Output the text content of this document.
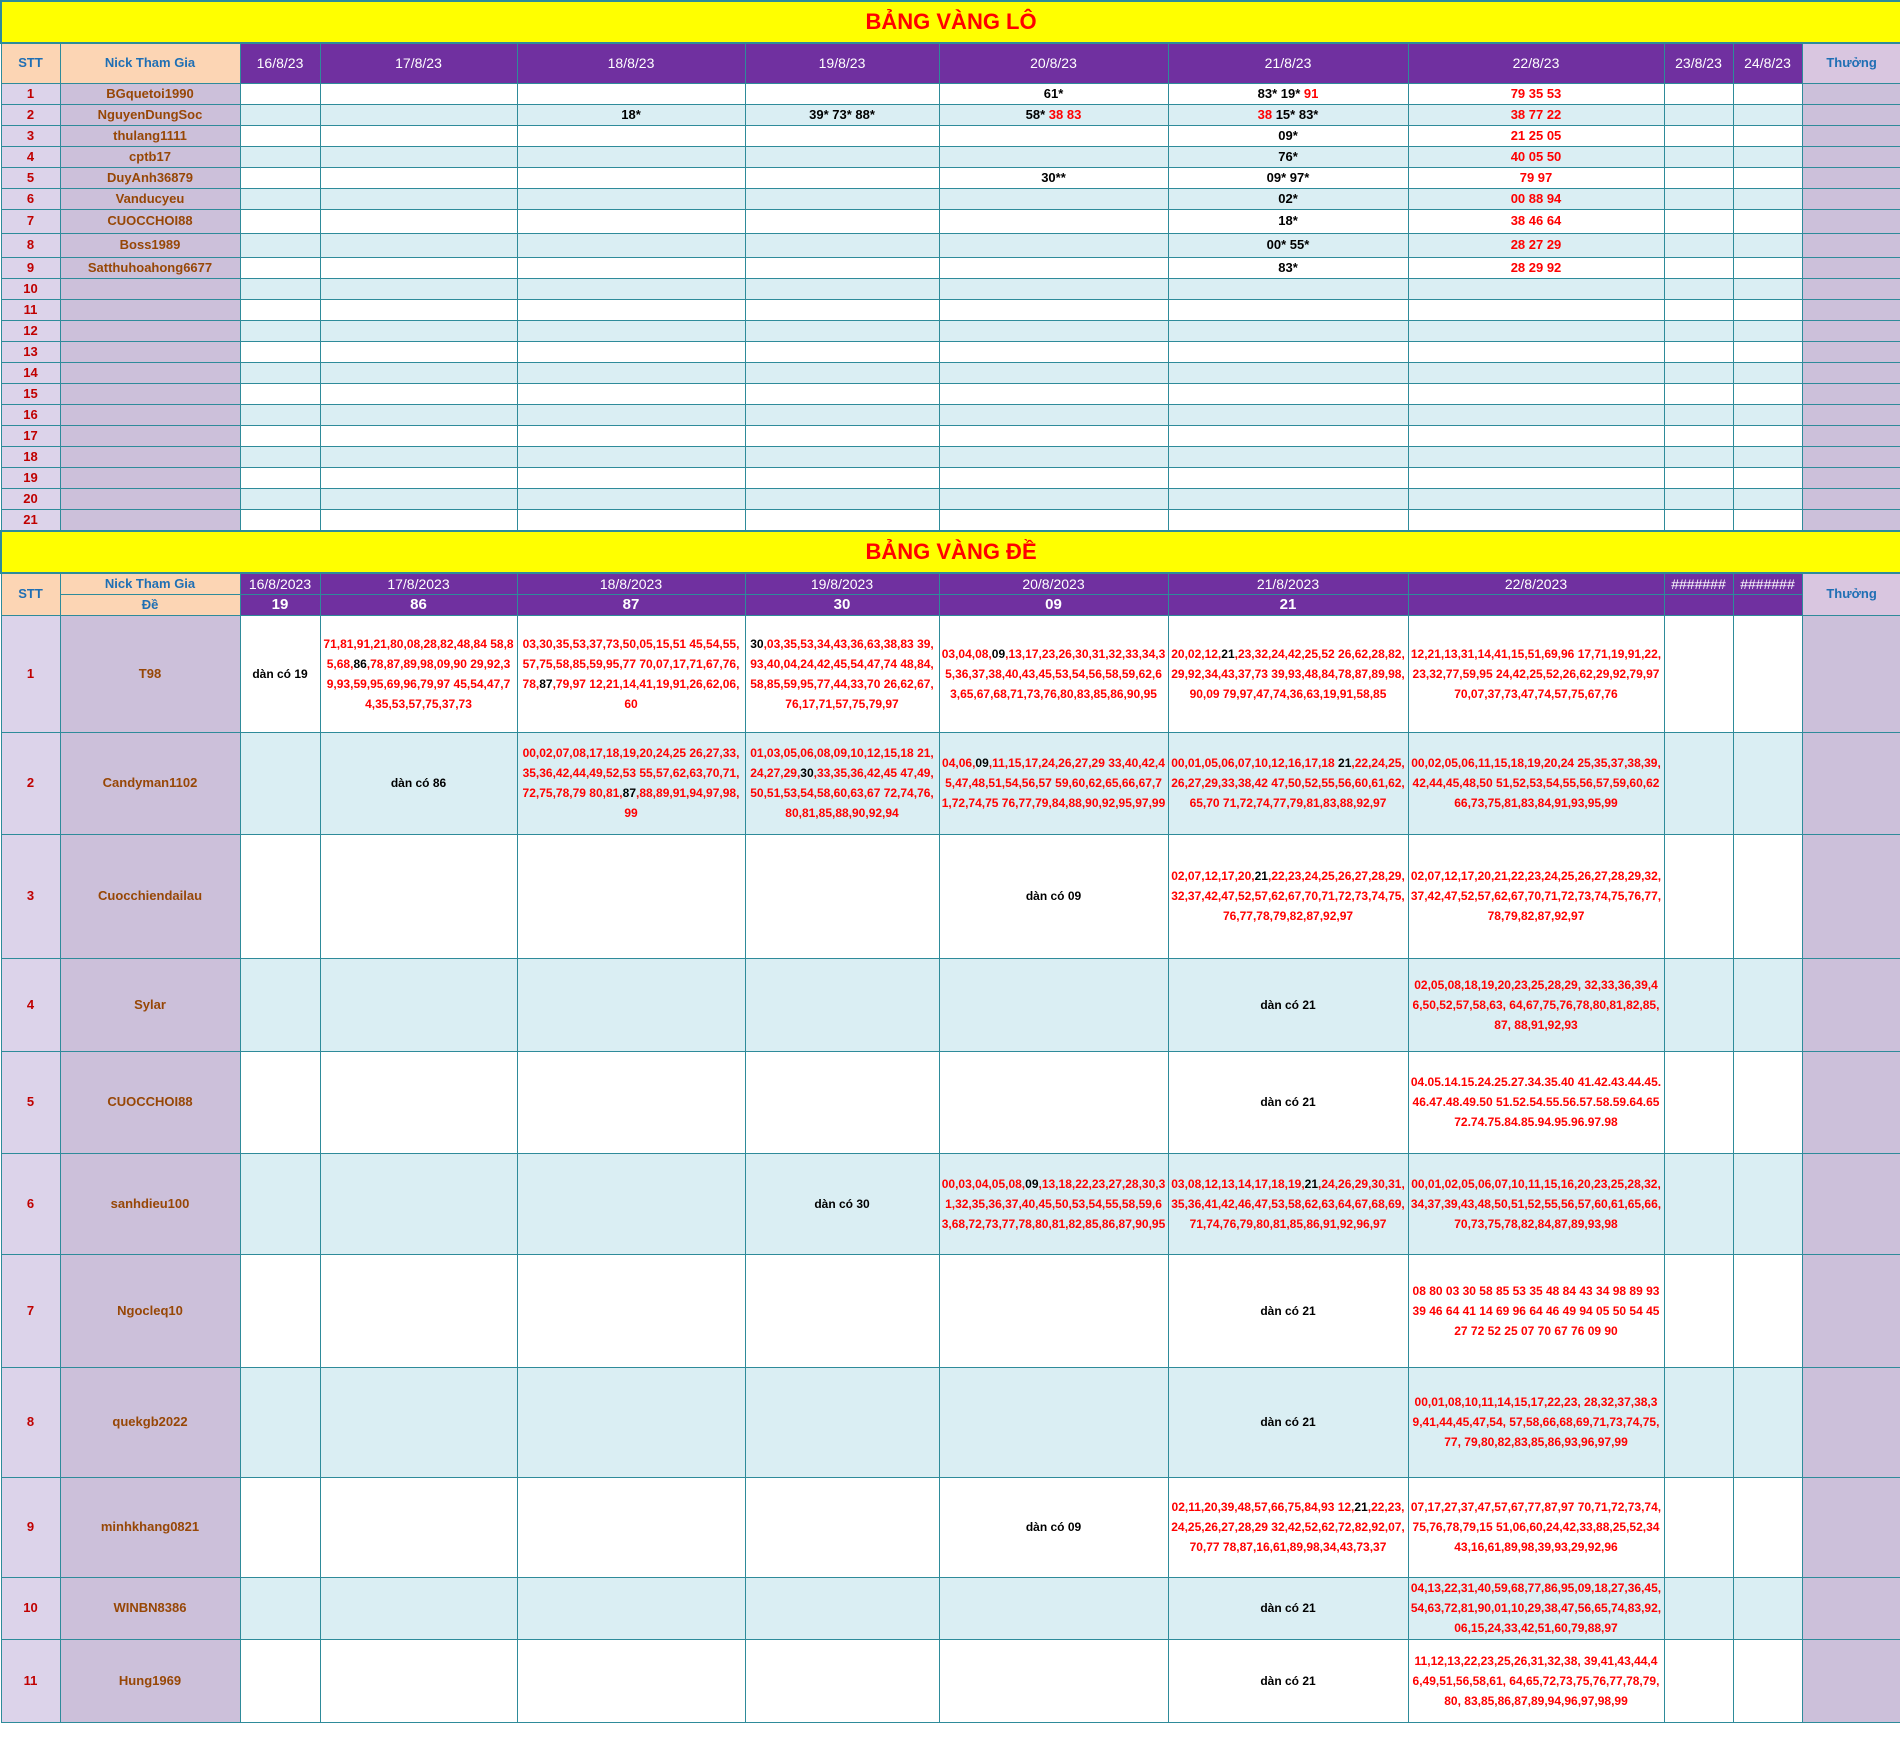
BẢNG VÀNG LÔ											
STT	Nick Tham Gia	16/8/23	17/8/23	18/8/23	19/8/23	20/8/23	21/8/23	22/8/23	23/8/23	24/8/23	Thưởng
1	BGquetoi1990					61*	83* 19* 91	79 35 53			
2	NguyenDungSoc			18*	39* 73* 88*	58* 38 83	38 15* 83*	38 77 22			
3	thulang1111						09*	21 25 05			
4	cptb17						76*	40 05 50			
5	DuyAnh36879					30**	09* 97*	79 97			
6	Vanducyeu						02*	00 88 94			
7	CUOCCHOI88						18*	38 46 64			
8	Boss1989						00* 55*	28 27 29			
9	Satthuhoahong6677						83*	28 29 92			
10											
11											
12											
13											
14											
15											
16											
17											
18											
19											
20											
21											
BẢNG VÀNG ĐỀ											
STT	Nick Tham Gia	16/8/2023	17/8/2023	18/8/2023	19/8/2023	20/8/2023	21/8/2023	22/8/2023	#######	#######	Thưởng
	Đề	19	86	87	30	09	21				
1	T98	dàn có 19	71,81,91,21,80,08,28,82,48,84 58,85,68,86,78,87,89,98,09,90 29,92,39,93,59,95,69,96,79,97 45,54,47,74,35,53,57,75,37,73	03,30,35,53,37,73,50,05,15,51 45,54,55,57,75,58,85,59,95,77 70,07,17,71,67,76,78,87,79,97 12,21,14,41,19,91,26,62,06,60	30,03,35,53,34,43,36,63,38,83 39,93,40,04,24,42,45,54,47,74 48,84,58,85,59,95,77,44,33,70 26,62,67,76,17,71,57,75,79,97	03,04,08,09,13,17,23,26,30,31,32,33,34,35,36,37,38,40,43,45,53,54,56,58,59,62,63,65,67,68,71,73,76,80,83,85,86,90,95	20,02,12,21,23,32,24,42,25,52 26,62,28,82,29,92,34,43,37,73 39,93,48,84,78,87,89,98,90,09 79,97,47,74,36,63,19,91,58,85	12,21,13,31,14,41,15,51,69,96 17,71,19,91,22,23,32,77,59,95 24,42,25,52,26,62,29,92,79,97 70,07,37,73,47,74,57,75,67,76			
2	Candyman1102		dàn có 86	00,02,07,08,17,18,19,20,24,25 26,27,33,35,36,42,44,49,52,53 55,57,62,63,70,71,72,75,78,79 80,81,87,88,89,91,94,97,98,99	01,03,05,06,08,09,10,12,15,18 21,24,27,29,30,33,35,36,42,45 47,49,50,51,53,54,58,60,63,67 72,74,76,80,81,85,88,90,92,94	04,06,09,11,15,17,24,26,27,29 33,40,42,45,47,48,51,54,56,57 59,60,62,65,66,67,71,72,74,75 76,77,79,84,88,90,92,95,97,99	00,01,05,06,07,10,12,16,17,18 21,22,24,25,26,27,29,33,38,42 47,50,52,55,56,60,61,62,65,70 71,72,74,77,79,81,83,88,92,97	00,02,05,06,11,15,18,19,20,24 25,35,37,38,39,42,44,45,48,50 51,52,53,54,55,56,57,59,60,62 66,73,75,81,83,84,91,93,95,99			
3	Cuocchiendailau					dàn có 09	02,07,12,17,20,21,22,23,24,25,26,27,28,29,32,37,42,47,52,57,62,67,70,71,72,73,74,75,76,77,78,79,82,87,92,97	02,07,12,17,20,21,22,23,24,25,26,27,28,29,32,37,42,47,52,57,62,67,70,71,72,73,74,75,76,77,78,79,82,87,92,97			
4	Sylar						dàn có 21	02,05,08,18,19,20,23,25,28,29, 32,33,36,39,46,50,52,57,58,63, 64,67,75,76,78,80,81,82,85,87, 88,91,92,93			
5	CUOCCHOI88						dàn có 21	04.05.14.15.24.25.27.34.35.40 41.42.43.44.45.46.47.48.49.50 51.52.54.55.56.57.58.59.64.65 72.74.75.84.85.94.95.96.97.98			
6	sanhdieu100				dàn có 30	00,03,04,05,08,09,13,18,22,23,27,28,30,31,32,35,36,37,40,45,50,53,54,55,58,59,63,68,72,73,77,78,80,81,82,85,86,87,90,95	03,08,12,13,14,17,18,19,21,24,26,29,30,31,35,36,41,42,46,47,53,58,62,63,64,67,68,69,71,74,76,79,80,81,85,86,91,92,96,97	00,01,02,05,06,07,10,11,15,16,20,23,25,28,32,34,37,39,43,48,50,51,52,55,56,57,60,61,65,66,70,73,75,78,82,84,87,89,93,98			
7	Ngocleq10						dàn có 21	08 80 03 30 58 85 53 35 48 84 43 34 98 89 93 39 46 64 41 14 69 96 64 46 49 94 05 50 54 45 27 72 52 25 07 70 67 76 09 90			
8	quekgb2022						dàn có 21	00,01,08,10,11,14,15,17,22,23, 28,32,37,38,39,41,44,45,47,54, 57,58,66,68,69,71,73,74,75,77, 79,80,82,83,85,86,93,96,97,99			
9	minhkhang0821					dàn có 09	02,11,20,39,48,57,66,75,84,93 12,21,22,23,24,25,26,27,28,29 32,42,52,62,72,82,92,07,70,77 78,87,16,61,89,98,34,43,73,37	07,17,27,37,47,57,67,77,87,97 70,71,72,73,74,75,76,78,79,15 51,06,60,24,42,33,88,25,52,34 43,16,61,89,98,39,93,29,92,96			
10	WINBN8386						dàn có 21	04,13,22,31,40,59,68,77,86,95,09,18,27,36,45,54,63,72,81,90,01,10,29,38,47,56,65,74,83,92,06,15,24,33,42,51,60,79,88,97			
11	Hung1969						dàn có 21	11,12,13,22,23,25,26,31,32,38, 39,41,43,44,46,49,51,56,58,61, 64,65,72,73,75,76,77,78,79,80, 83,85,86,87,89,94,96,97,98,99			
